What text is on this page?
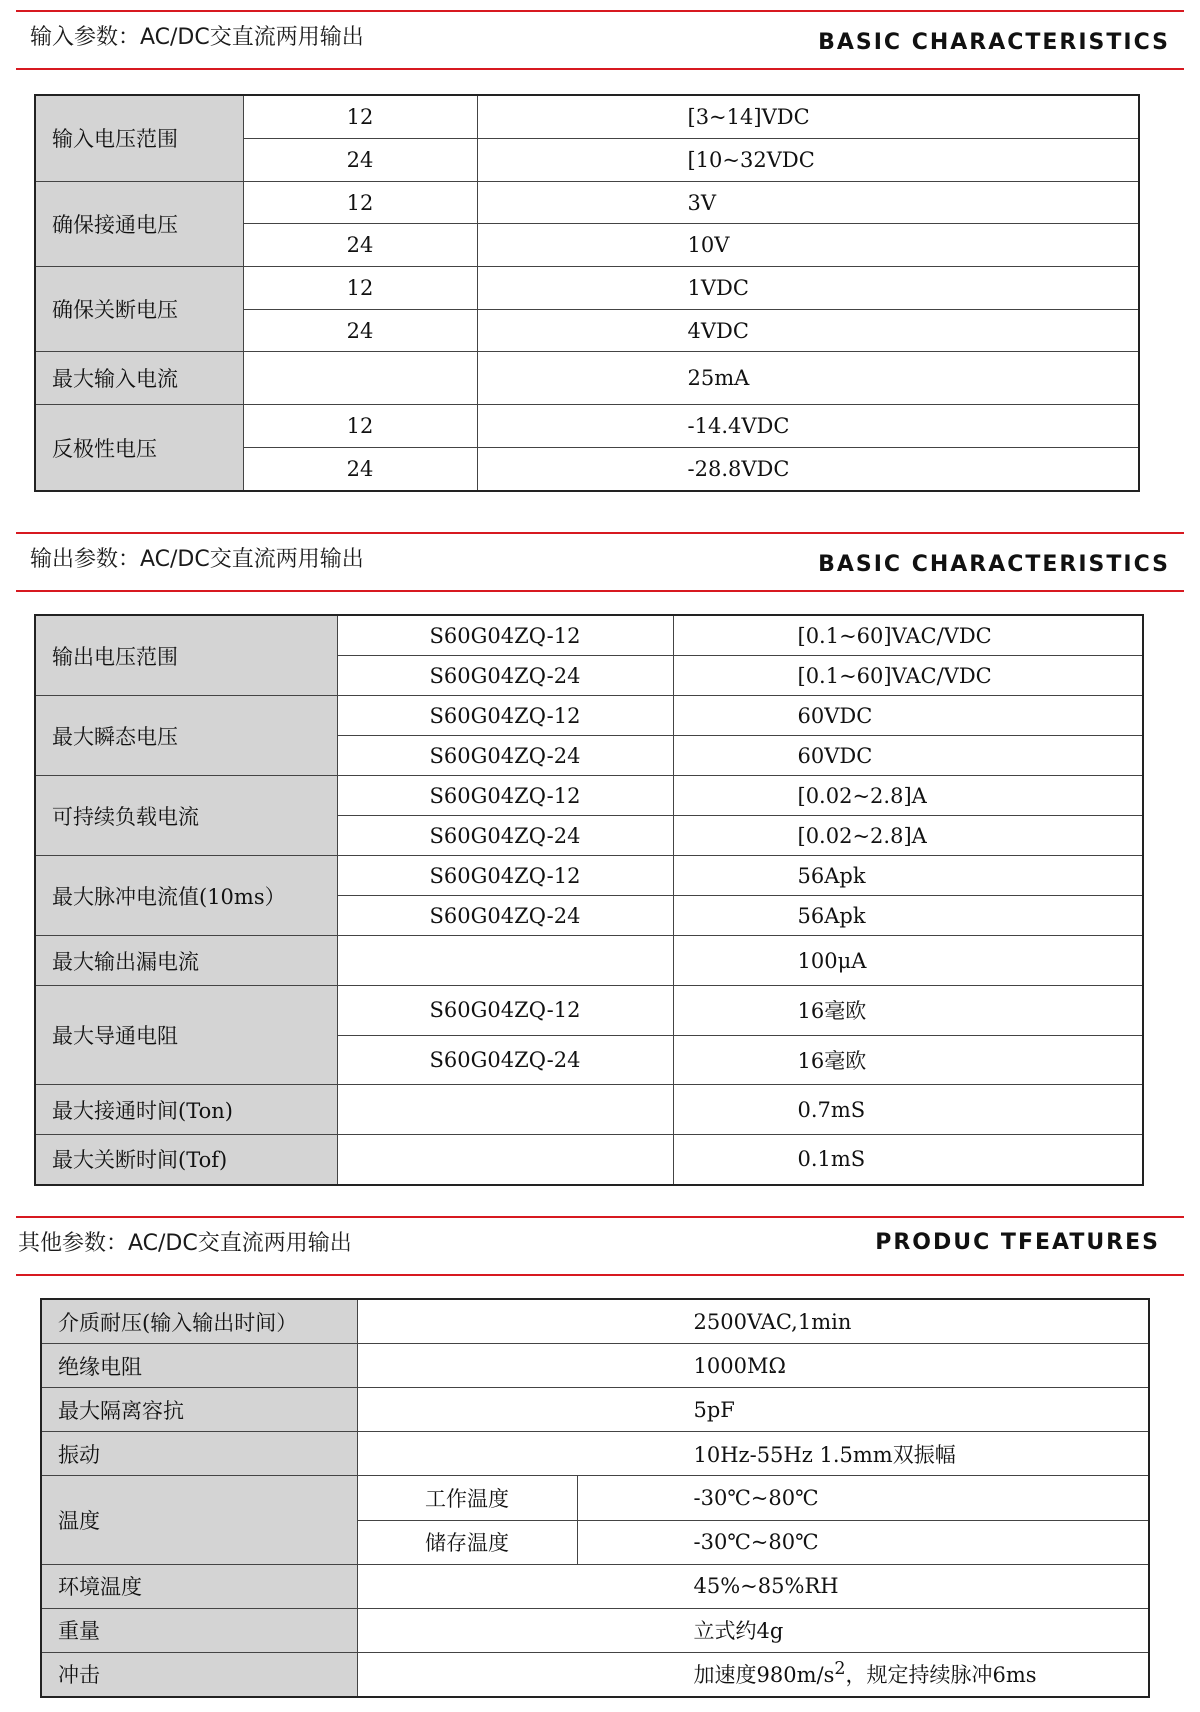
输入参数：AC/DC交直流两用输出	BASIC CHARACTERISTICS
输入电压范围	12	[3~14]VDC
	24	[10~32VDC
确保接通电压	12	3V
	24	10V
确保关断电压	12	1VDC
	24	4VDC
最大输入电流		25mA
反极性电压	12	-14.4VDC
	24	-28.8VDC
输出参数：AC/DC交直流两用输出	BASIC CHARACTERISTICS
输出电压范围	S60G04ZQ-12	[0.1~60]VAC/VDC
	S60G04ZQ-24	[0.1~60]VAC/VDC
最大瞬态电压	S60G04ZQ-12	60VDC
	S60G04ZQ-24	60VDC
可持续负载电流	S60G04ZQ-12	[0.02~2.8]A
	S60G04ZQ-24	[0.02~2.8]A
最大脉冲电流值(10ms）	S60G04ZQ-12	56Apk
	S60G04ZQ-24	56Apk
最大输出漏电流		100μA
最大导通电阻	S60G04ZQ-12	16毫欧
	S60G04ZQ-24	16毫欧
最大接通时间(Ton)		0.7mS
最大关断时间(Tof)		0.1mS
其他参数：AC/DC交直流两用输出	PRODUC TFEATURES
介质耐压(输入输出时间）	2500VAC,1min	
绝缘电阻	1000MΩ	
最大隔离容抗	5pF	
振动	10Hz-55Hz 1.5mm双振幅	
温度	工作温度	-30℃~80℃
	储存温度	-30℃~80℃
环境温度	45%~85%RH	
重量	立式约4g	
冲击	加速度$980m/s^2$，规定持续脉冲6ms	
